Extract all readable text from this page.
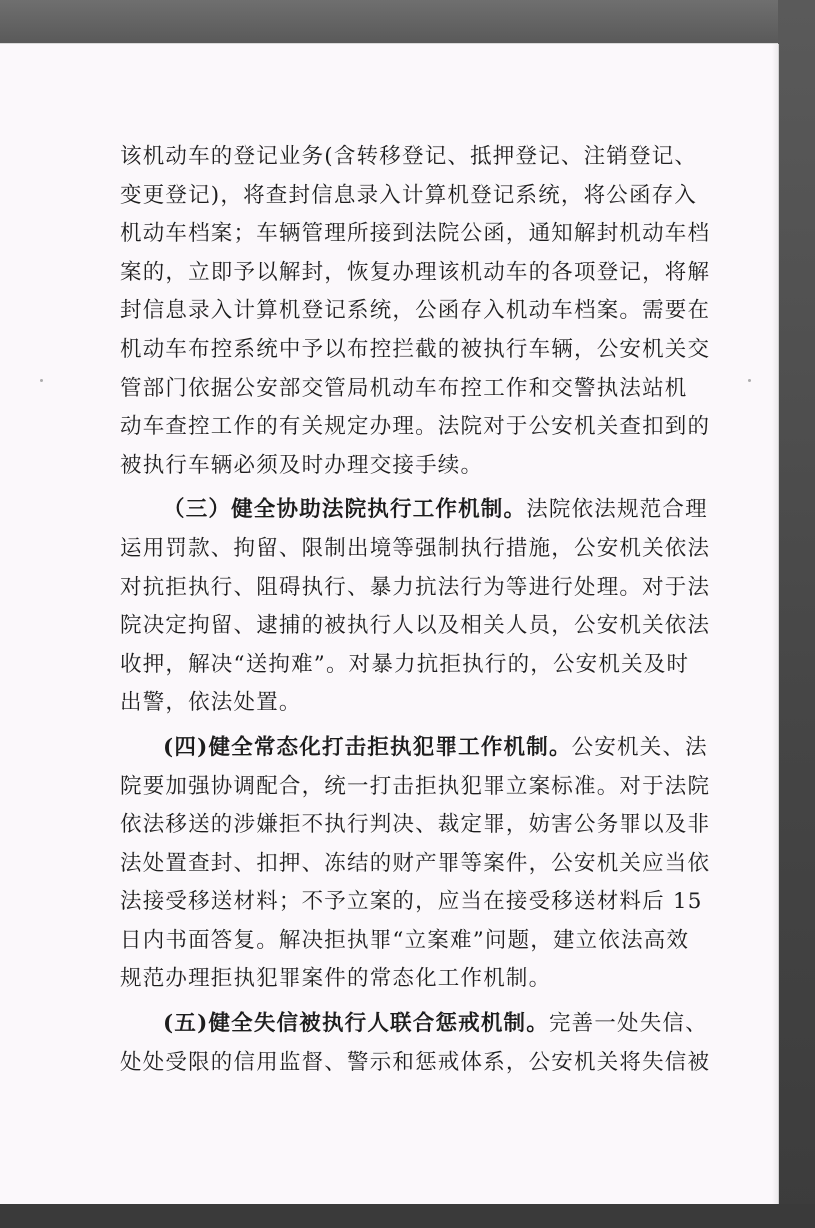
该机动车的登记业务(含转移登记、抵押登记、注销登记、
变更登记)，将查封信息录入计算机登记系统，将公函存入
机动车档案；车辆管理所接到法院公函，通知解封机动车档
案的，立即予以解封，恢复办理该机动车的各项登记，将解
封信息录入计算机登记系统，公函存入机动车档案。需要在
机动车布控系统中予以布控拦截的被执行车辆，公安机关交
管部门依据公安部交管局机动车布控工作和交警执法站机
动车查控工作的有关规定办理。法院对于公安机关查扣到的
被执行车辆必须及时办理交接手续。
（三）健全协助法院执行工作机制。法院依法规范合理
运用罚款、拘留、限制出境等强制执行措施，公安机关依法
对抗拒执行、阻碍执行、暴力抗法行为等进行处理。对于法
院决定拘留、逮捕的被执行人以及相关人员，公安机关依法
收押，解决“送拘难”。对暴力抗拒执行的，公安机关及时
出警，依法处置。
(四)健全常态化打击拒执犯罪工作机制。公安机关、法
院要加强协调配合，统一打击拒执犯罪立案标准。对于法院
依法移送的涉嫌拒不执行判决、裁定罪，妨害公务罪以及非
法处置查封、扣押、冻结的财产罪等案件，公安机关应当依
法接受移送材料；不予立案的，应当在接受移送材料后 15
日内书面答复。解决拒执罪“立案难”问题，建立依法高效
规范办理拒执犯罪案件的常态化工作机制。
(五)健全失信被执行人联合惩戒机制。完善一处失信、
处处受限的信用监督、警示和惩戒体系，公安机关将失信被
